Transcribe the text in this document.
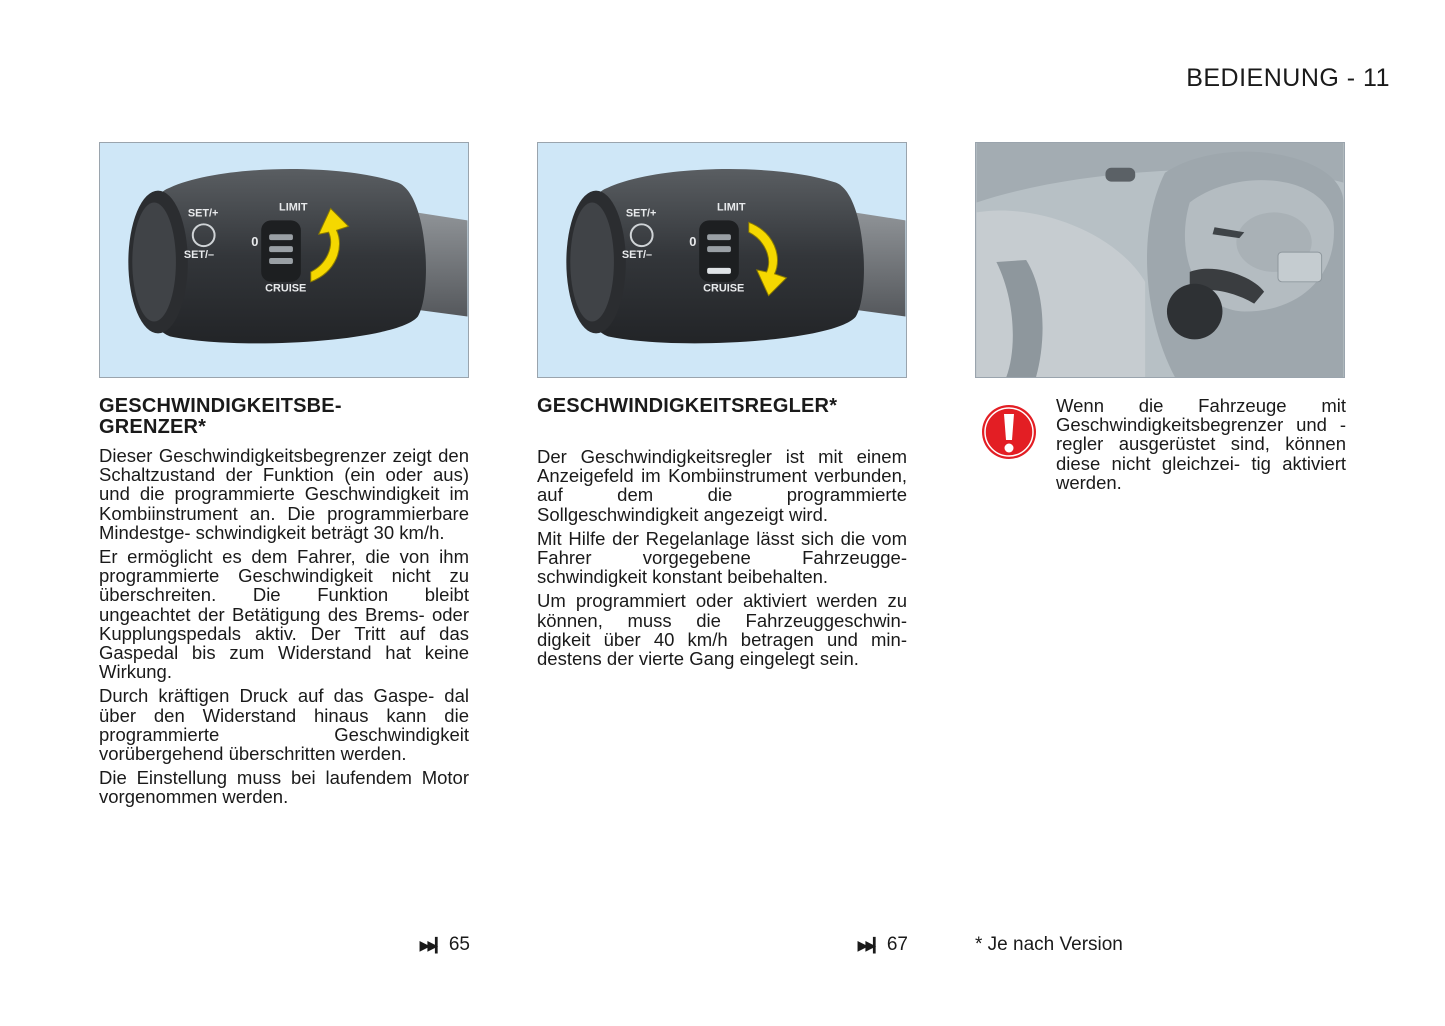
BEDIENUNG - 11
SET/+
SET/–
LIMIT
CRUISE
0
SET/+
SET/–
LIMIT
CRUISE
0
GESCHWINDIGKEITSBE-
GRENZER*

Dieser Geschwindigkeitsbegrenzer zeigt den Schaltzustand der Funktion (ein oder aus) und die programmierte Geschwindigkeit im Kombiinstrument an. Die programmierbare Mindestge- schwindigkeit beträgt 30 km/h.

Er ermöglicht es dem Fahrer, die von ihm programmierte Geschwindigkeit nicht zu überschreiten. Die Funktion bleibt ungeachtet der Betätigung des Brems- oder Kupplungspedals aktiv. Der Tritt auf das Gaspedal bis zum Widerstand hat keine Wirkung.

Durch kräftigen Druck auf das Gaspe- dal über den Widerstand hinaus kann die programmierte Geschwindigkeit vorübergehend überschritten werden.

Die Einstellung muss bei laufendem Motor vorgenommen werden.

GESCHWINDIGKEITSREGLER*

Der Geschwindigkeitsregler ist mit einem Anzeigefeld im Kombiinstrument verbunden, auf dem die programmierte Sollgeschwindigkeit angezeigt wird.

Mit Hilfe der Regelanlage lässt sich die vom Fahrer vorgegebene Fahrzeugge- schwindigkeit konstant beibehalten.

Um programmiert oder aktiviert werden zu können, muss die Fahrzeuggeschwin- digkeit über 40 km/h betragen und min- destens der vierte Gang eingelegt sein.

Wenn die Fahrzeuge mit Geschwindigkeitsbegrenzer und -regler ausgerüstet sind, können diese nicht gleichzei- tig aktiviert werden.

▶▶▎ 65	▶▶▎ 67	* Je nach Version
